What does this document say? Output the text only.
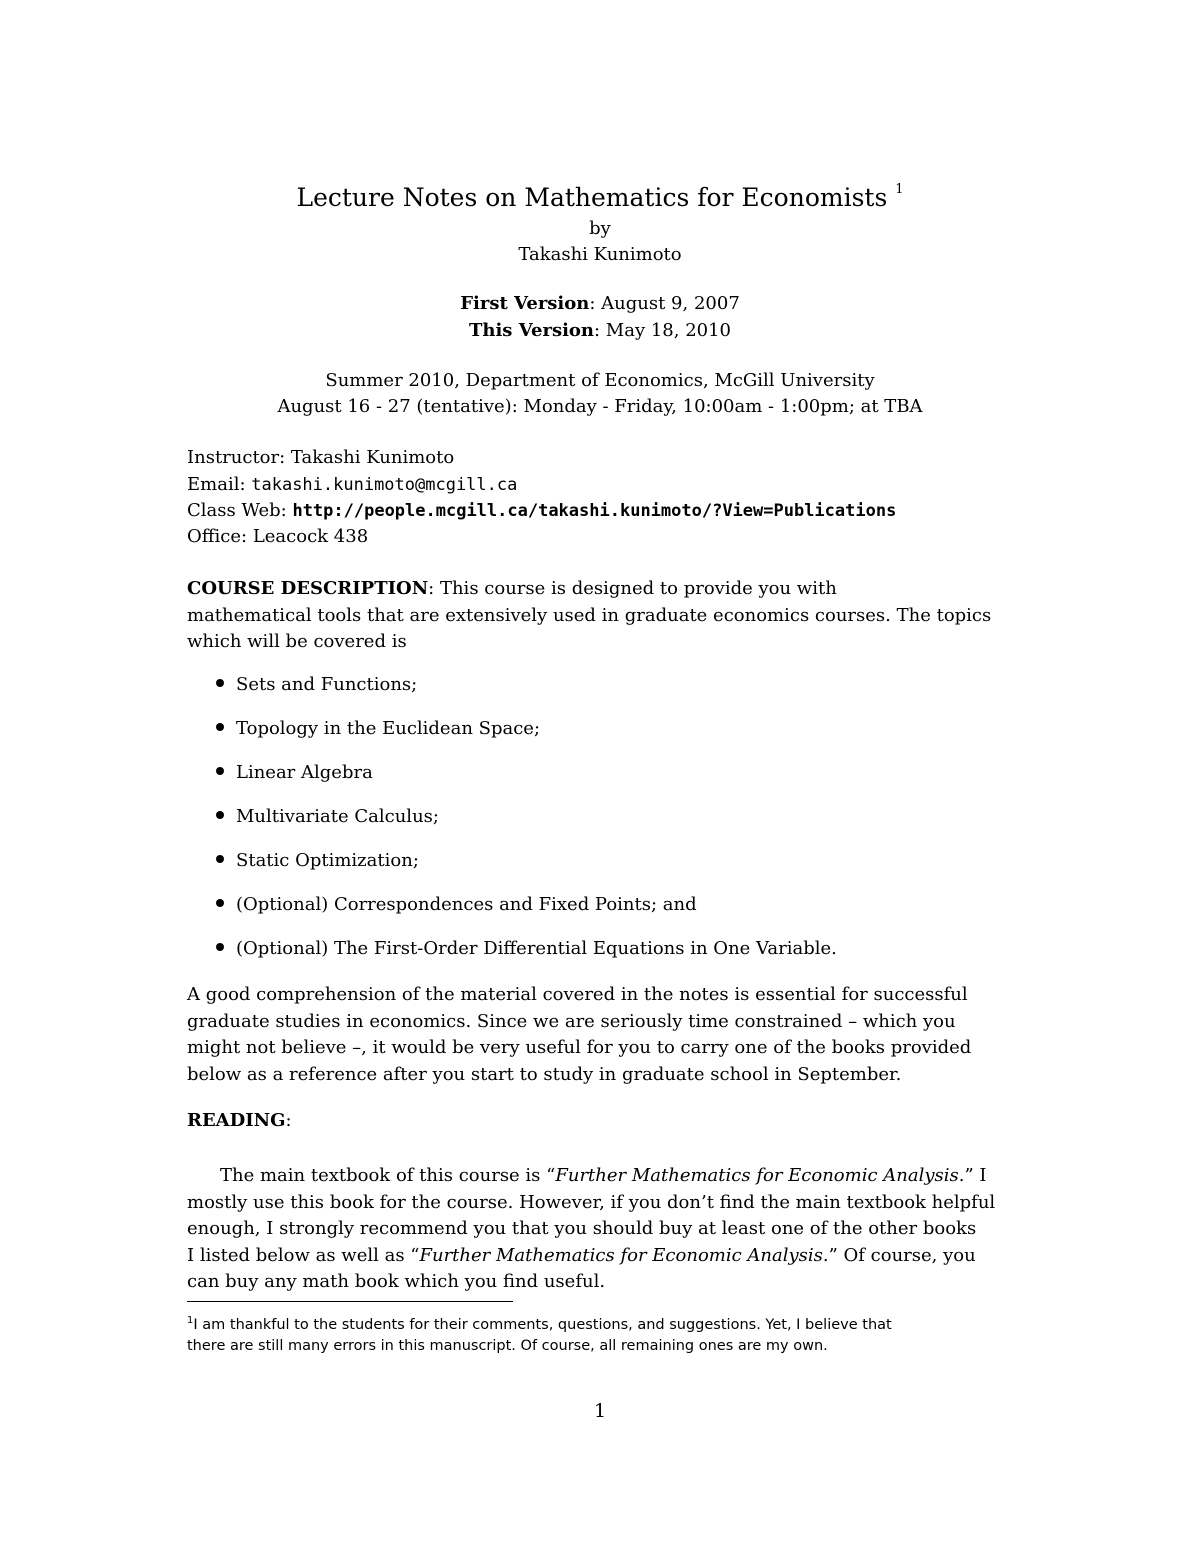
Lecture Notes on Mathematics for Economists $^1$
by
Takashi Kunimoto
First Version: August 9, 2007
This Version: May 18, 2010
Summer 2010, Department of Economics, McGill University
August 16 - 27 (tentative): Monday - Friday, 10:00am - 1:00pm; at TBA
Instructor: Takashi Kunimoto
Email: takashi.kunimoto@mcgill.ca
Class Web: http://people.mcgill.ca/takashi.kunimoto/?View=Publications
Office: Leacock 438
COURSE DESCRIPTION: This course is designed to provide you with
mathematical tools that are extensively used in graduate economics courses. The topics
which will be covered is
Sets and Functions;
Topology in the Euclidean Space;
Linear Algebra
Multivariate Calculus;
Static Optimization;
(Optional) Correspondences and Fixed Points; and
(Optional) The First-Order Differential Equations in One Variable.
A good comprehension of the material covered in the notes is essential for successful
graduate studies in economics. Since we are seriously time constrained – which you
might not believe –, it would be very useful for you to carry one of the books provided
below as a reference after you start to study in graduate school in September.
READING:
The main textbook of this course is “Further Mathematics for Economic Analysis.” I
mostly use this book for the course. However, if you don’t find the main textbook helpful
enough, I strongly recommend you that you should buy at least one of the other books
I listed below as well as “Further Mathematics for Economic Analysis.” Of course, you
can buy any math book which you find useful.
$^1$I am thankful to the students for their comments, questions, and suggestions. Yet, I believe that
there are still many errors in this manuscript. Of course, all remaining ones are my own.
1
